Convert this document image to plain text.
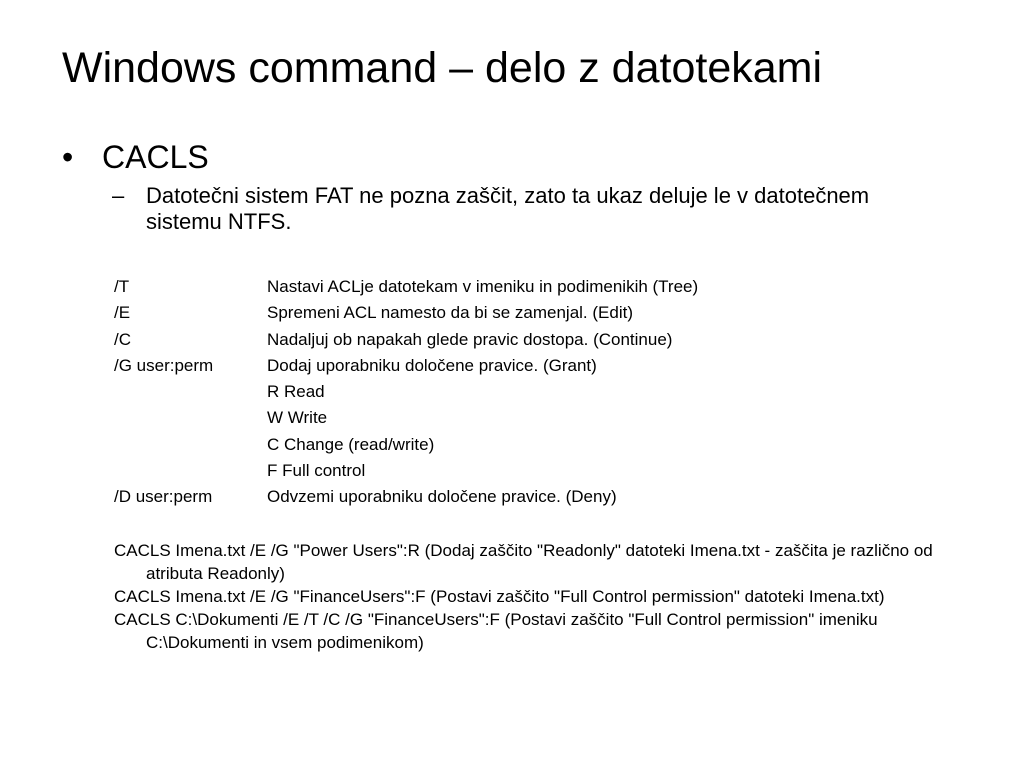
Windows command – delo z datotekami
• CACLS
– Datotečni sistem FAT ne pozna zaščit, zato ta ukaz deluje le v datotečnem sistemu NTFS.
/T	Nastavi ACLje datotekam v imeniku in podimenikih (Tree)
/E	Spremeni ACL namesto da bi se zamenjal. (Edit)
/C	Nadaljuj ob napakah glede pravic dostopa. (Continue)
/G user:perm	Dodaj uporabniku določene pravice. (Grant)
R Read
W Write
C Change (read/write)
F Full control
/D user:perm	Odvzemi uporabniku določene pravice. (Deny)
CACLS Imena.txt /E /G "Power Users":R (Dodaj zaščito "Readonly" datoteki Imena.txt - zaščita je različno od atributa Readonly)
CACLS Imena.txt /E /G "FinanceUsers":F (Postavi zaščito "Full Control permission" datoteki Imena.txt)
CACLS C:\Dokumenti /E /T /C /G "FinanceUsers":F (Postavi zaščito "Full Control permission" imeniku C:\Dokumenti in vsem podimenikom)
